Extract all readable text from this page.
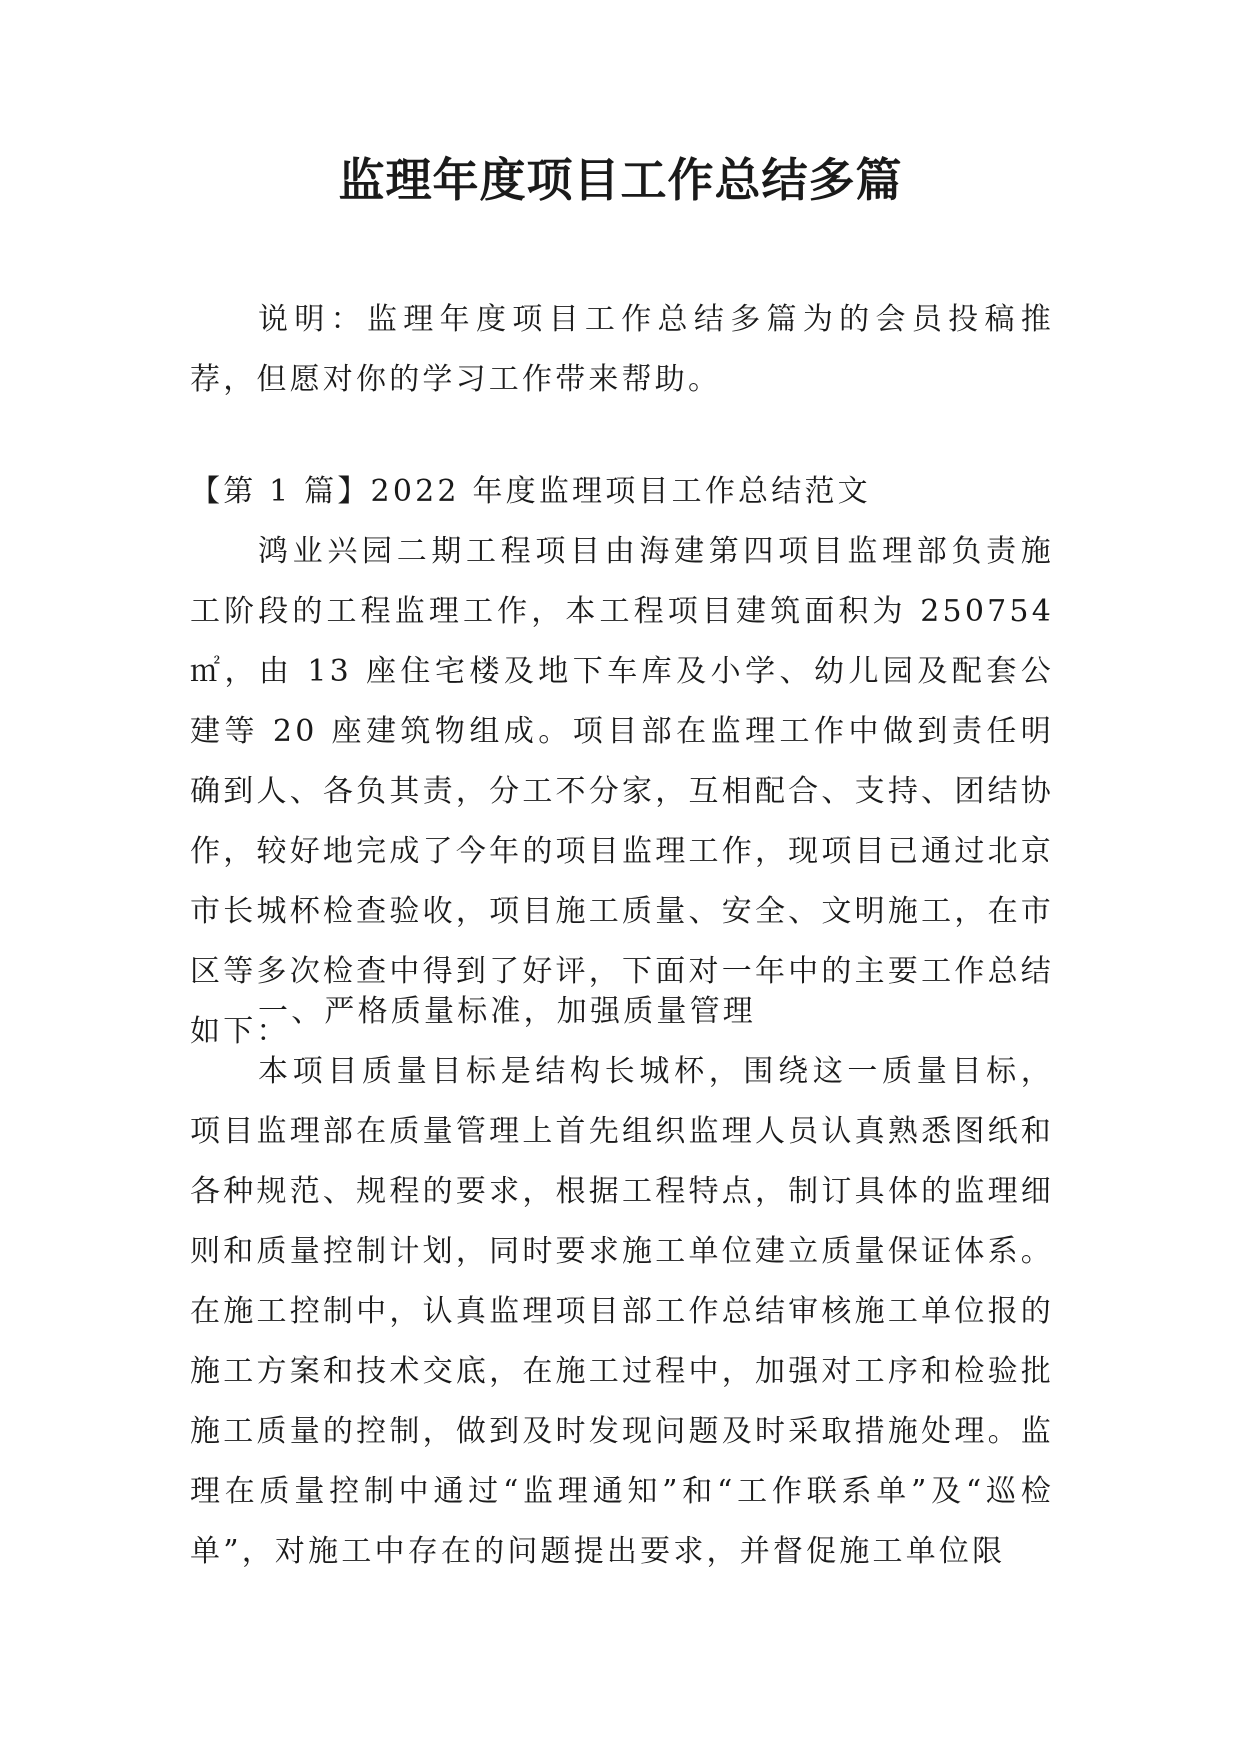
监理年度项目工作总结多篇

说明：监理年度项目工作总结多篇为的会员投稿推荐，但愿对你的学习工作带来帮助。

【第 1 篇】2022 年度监理项目工作总结范文

鸿业兴园二期工程项目由海建第四项目监理部负责施工阶段的工程监理工作，本工程项目建筑面积为 250754㎡，由 13 座住宅楼及地下车库及小学、幼儿园及配套公建等 20 座建筑物组成。项目部在监理工作中做到责任明确到人、各负其责，分工不分家，互相配合、支持、团结协作，较好地完成了今年的项目监理工作，现项目已通过北京市长城杯检查验收，项目施工质量、安全、文明施工，在市区等多次检查中得到了好评，下面对一年中的主要工作总结如下：

一、严格质量标准，加强质量管理

本项目质量目标是结构长城杯，围绕这一质量目标，项目监理部在质量管理上首先组织监理人员认真熟悉图纸和各种规范、规程的要求，根据工程特点，制订具体的监理细则和质量控制计划，同时要求施工单位建立质量保证体系。在施工控制中，认真监理项目部工作总结审核施工单位报的施工方案和技术交底，在施工过程中，加强对工序和检验批施工质量的控制，做到及时发现问题及时采取措施处理。监理在质量控制中通过“监理通知”和“工作联系单”及“巡检单”，对施工中存在的问题提出要求，并督促施工单位限
